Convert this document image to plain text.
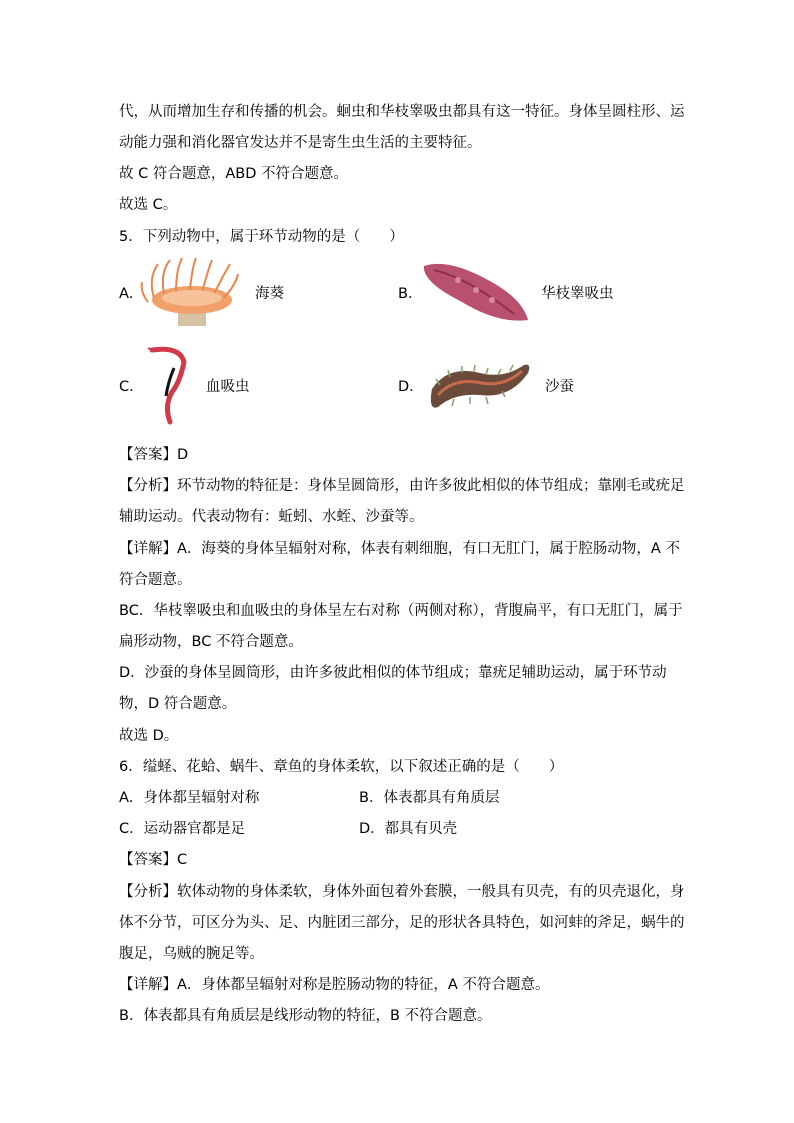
代，从而增加生存和传播的机会。蛔虫和华枝睾吸虫都具有这一特征。身体呈圆柱形、运
动能力强和消化器官发达并不是寄生虫生活的主要特征。
故 C 符合题意，ABD 不符合题意。
故选 C。
5．下列动物中，属于环节动物的是（　　）
A．	海葵	B．	华枝睾吸虫
C．	血吸虫	D．	沙蚕
【答案】D
【分析】环节动物的特征是：身体呈圆筒形，由许多彼此相似的体节组成；靠刚毛或疣足
辅助运动。代表动物有：蚯蚓、水蛭、沙蚕等。
【详解】A．海葵的身体呈辐射对称，体表有刺细胞，有口无肛门，属于腔肠动物，A 不
符合题意。
BC．华枝睾吸虫和血吸虫的身体呈左右对称（两侧对称），背腹扁平，有口无肛门，属于
扁形动物，BC 不符合题意。
D．沙蚕的身体呈圆筒形，由许多彼此相似的体节组成；靠疣足辅助运动，属于环节动
物，D 符合题意。
故选 D。
6．缢蛏、花蛤、蜗牛、章鱼的身体柔软，以下叙述正确的是（　　）
A．身体都呈辐射对称	B．体表都具有角质层
C．运动器官都是足	D．都具有贝壳
【答案】C
【分析】软体动物的身体柔软，身体外面包着外套膜，一般具有贝壳，有的贝壳退化，身
体不分节，可区分为头、足、内脏团三部分，足的形状各具特色，如河蚌的斧足，蜗牛的
腹足，乌贼的腕足等。
【详解】A．身体都呈辐射对称是腔肠动物的特征，A 不符合题意。
B．体表都具有角质层是线形动物的特征，B 不符合题意。
